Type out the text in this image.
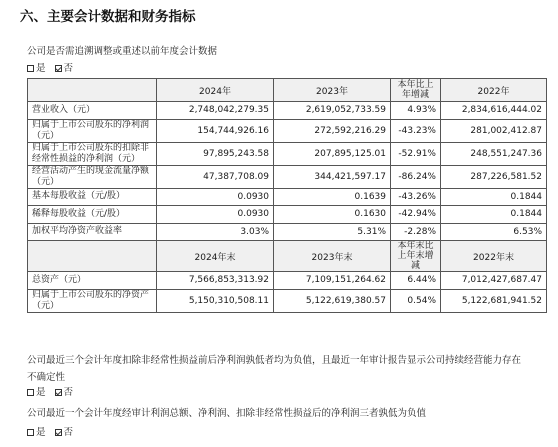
六、主要会计数据和财务指标
公司是否需追溯调整或重述以前年度会计数据
是 否
	2024年	2023年	本年比上年增减	2022年
营业收入（元）	2,748,042,279.35	2,619,052,733.59	4.93%	2,834,616,444.02
归属于上市公司股东的净利润（元）	154,744,926.16	272,592,216.29	-43.23%	281,002,412.87
归属于上市公司股东的扣除非经常性损益的净利润（元）	97,895,243.58	207,895,125.01	-52.91%	248,551,247.36
经营活动产生的现金流量净额（元）	47,387,708.09	344,421,597.17	-86.24%	287,226,581.52
基本每股收益（元/股）	0.0930	0.1639	-43.26%	0.1844
稀释每股收益（元/股）	0.0930	0.1630	-42.94%	0.1844
加权平均净资产收益率	3.03%	5.31%	-2.28%	6.53%
	2024年末	2023年末	本年末比上年末增减	2022年末
总资产（元）	7,566,853,313.92	7,109,151,264.62	6.44%	7,012,427,687.47
归属于上市公司股东的净资产（元）	5,150,310,508.11	5,122,619,380.57	0.54%	5,122,681,941.52
公司最近三个会计年度扣除非经常性损益前后净利润孰低者均为负值，且最近一年审计报告显示公司持续经营能力存在
不确定性
是 否
公司最近一个会计年度经审计利润总额、净利润、扣除非经常性损益后的净利润三者孰低为负值
是 否
